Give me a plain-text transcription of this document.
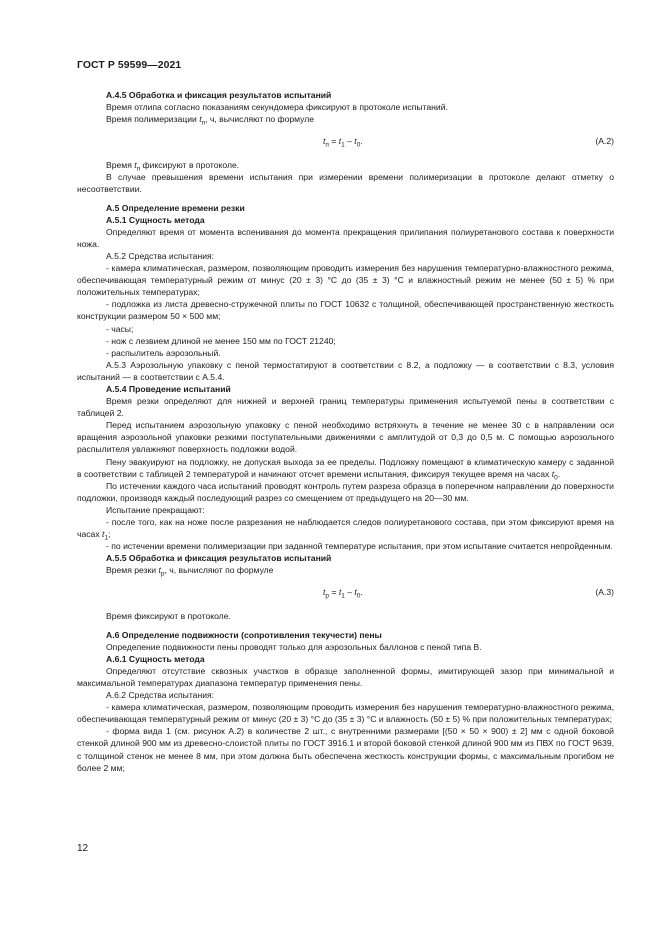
ГОСТ Р 59599—2021

А.4.5 Обработка и фиксация результатов испытаний

Время отлипа согласно показаниям секундомера фиксируют в протоколе испытаний.

Время полимеризации $t_п$, ч, вычисляют по формуле

$t_п = t_1 - t_0$.	(А.2)

Время $t_п$ фиксируют в протоколе.

В случае превышения времени испытания при измерении времени полимеризации в протоколе делают отметку о несоответствии.

А.5 Определение времени резки

А.5.1 Сущность метода

Определяют время от момента вспенивания до момента прекращения прилипания полиуретанового состава к поверхности ножа.

А.5.2 Средства испытания:

- камера климатическая, размером, позволяющим проводить измерения без нарушения температурно-влажностного режима, обеспечивающая температурный режим от минус (20 ± 3) °С до (35 ± 3) °С и влажностный режим не менее (50 ± 5) % при положительных температурах;

- подложка из листа древесно-стружечной плиты по ГОСТ 10632 с толщиной, обеспечивающей пространственную жесткость конструкции размером 50 × 500 мм;

- часы;

- нож с лезвием длиной не менее 150 мм по ГОСТ 21240;

- распылитель аэрозольный.

А.5.3 Аэрозольную упаковку с пеной термостатируют в соответствии с 8.2, а подложку — в соответствии с 8.3, условия испытаний — в соответствии с А.5.4.

А.5.4 Проведение испытаний

Время резки определяют для нижней и верхней границ температуры применения испытуемой пены в соответствии с таблицей 2.

Перед испытанием аэрозольную упаковку с пеной необходимо встряхнуть в течение не менее 30 с в направлении оси вращения аэрозольной упаковки резкими поступательными движениями с амплитудой от 0,3 до 0,5 м. С помощью аэрозольного распылителя увлажняют поверхность подложки водой.

Пену эвакуируют на подложку, не допуская выхода за ее пределы. Подложку помещают в климатическую камеру с заданной в соответствии с таблицей 2 температурой и начинают отсчет времени испытания, фиксируя текущее время на часах $t_0$.

По истечении каждого часа испытаний проводят контроль путем разреза образца в поперечном направлении до поверхности подложки, производя каждый последующий разрез со смещением от предыдущего на 20—30 мм.

Испытание прекращают:

- после того, как на ноже после разрезания не наблюдается следов полиуретанового состава, при этом фиксируют время на часах $t_1$;

- по истечении времени полимеризации при заданной температуре испытания, при этом испытание считается непройденным.

А.5.5 Обработка и фиксация результатов испытаний

Время резки $t_р$, ч, вычисляют по формуле

$t_р = t_1 - t_0$.	(А.3)

Время фиксируют в протоколе.

А.6 Определение подвижности (сопротивления текучести) пены

Определение подвижности пены проводят только для аэрозольных баллонов с пеной типа В.

А.6.1 Сущность метода

Определяют отсутствие сквозных участков в образце заполненной формы, имитирующей зазор при минимальной и максимальной температурах диапазона температур применения пены.

А.6.2 Средства испытания:

- камера климатическая, размером, позволяющим проводить измерения без нарушения температурно-влажностного режима, обеспечивающая температурный режим от минус (20 ± 3) °С до (35 ± 3) °С и влажность (50 ± 5) % при положительных температурах;

- форма вида 1 (см. рисунок А.2) в количестве 2 шт., с внутренними размерами [(50 × 50 × 900) ± 2] мм с одной боковой стенкой длиной 900 мм из древесно-слоистой плиты по ГОСТ 3916.1 и второй боковой стенкой длиной 900 мм из ПВХ по ГОСТ 9639, с толщиной стенок не менее 8 мм, при этом должна быть обеспечена жесткость конструкции формы, с максимальным прогибом не более 2 мм;

12
